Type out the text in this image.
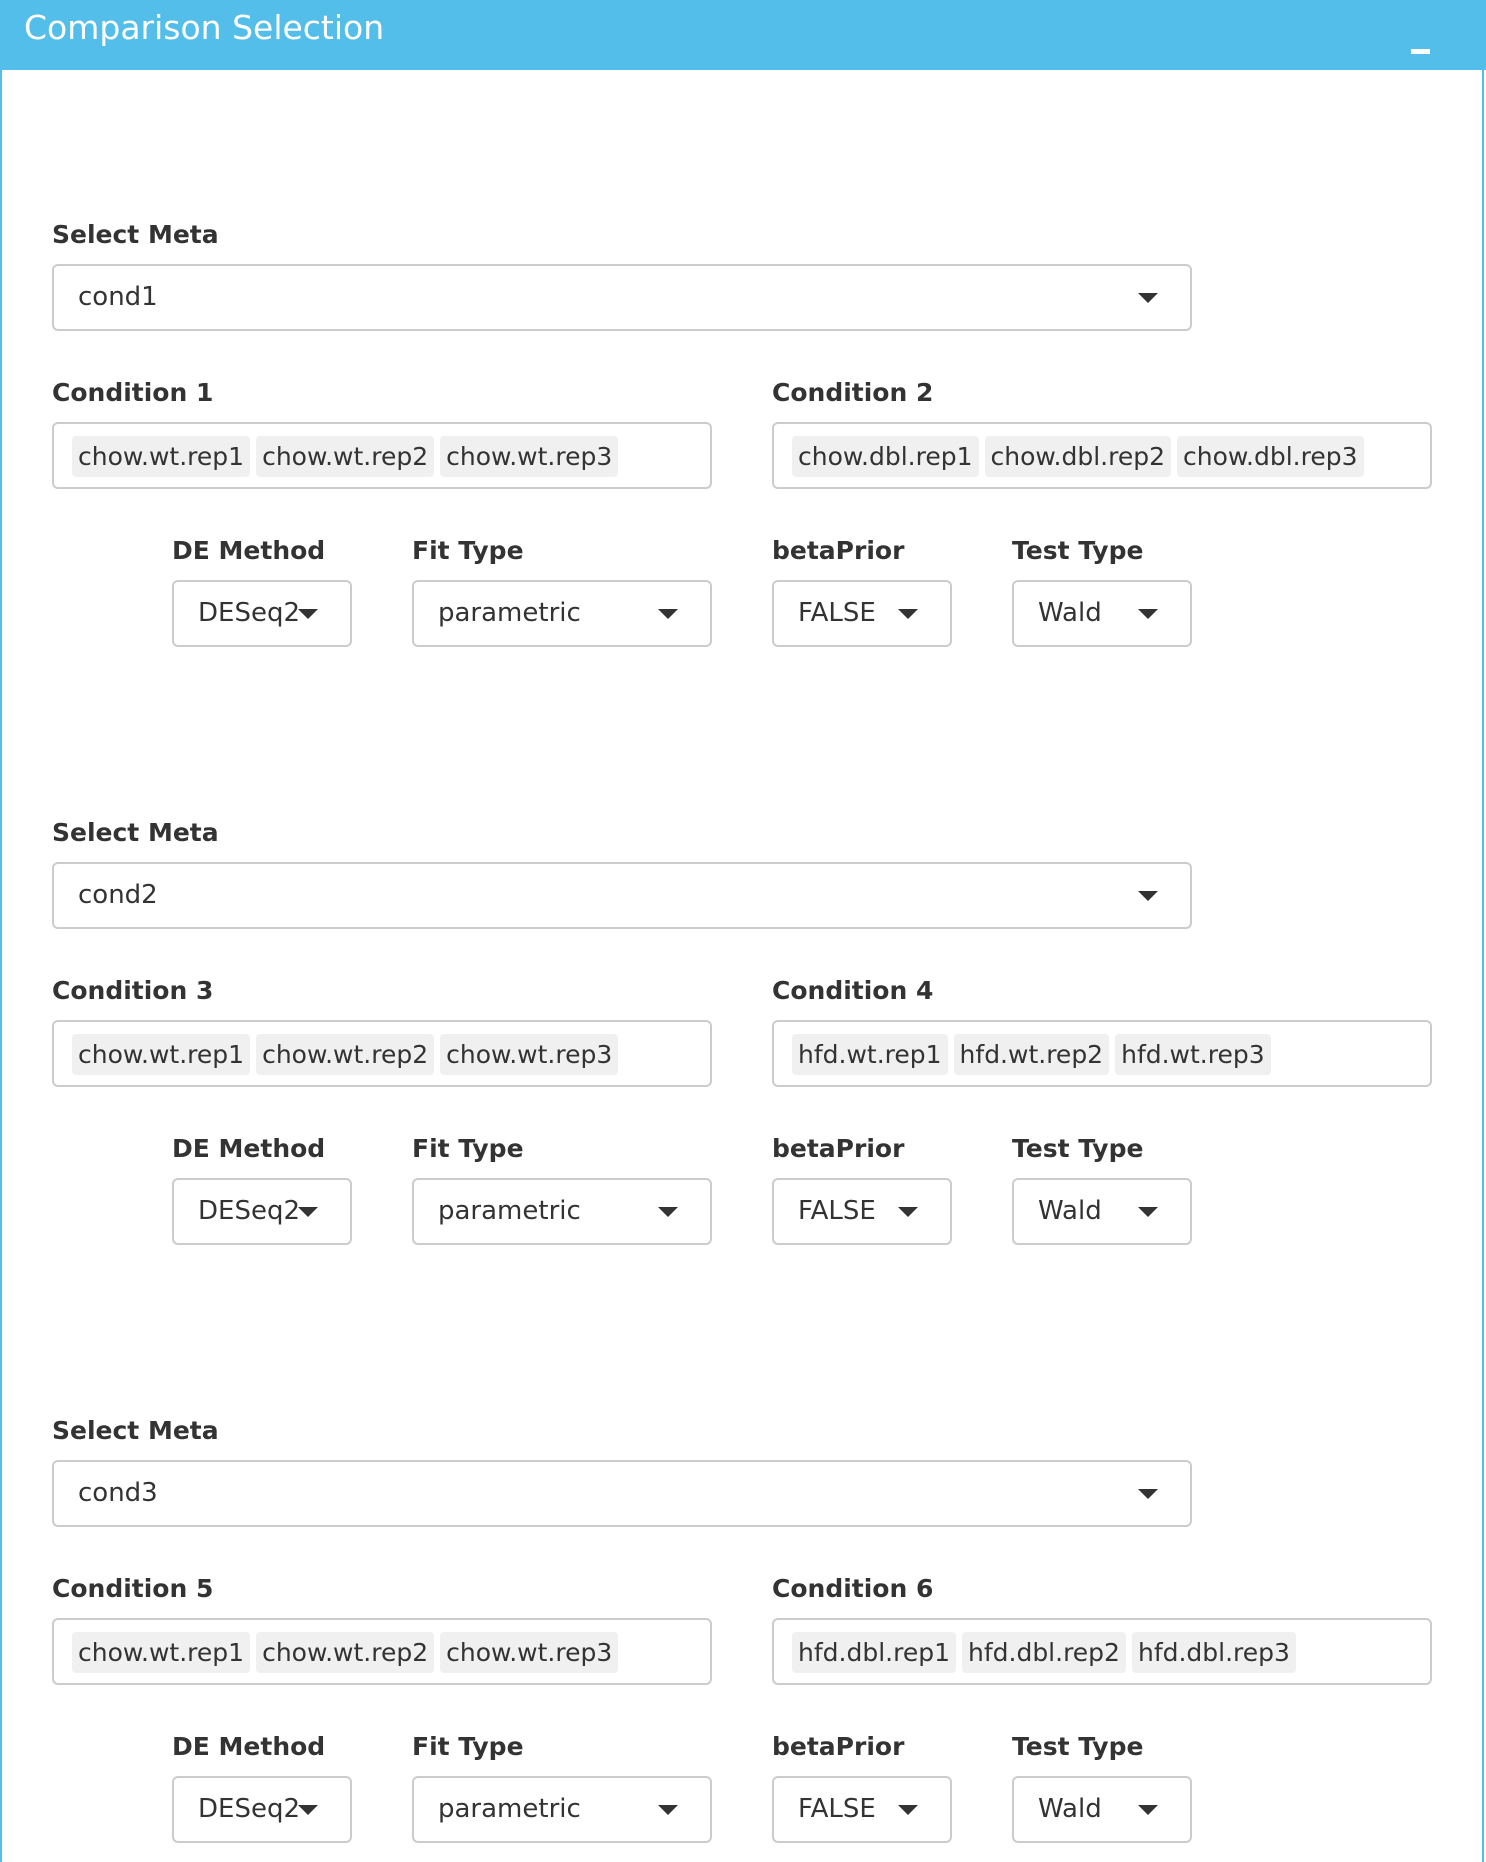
Comparison Selection
Select Meta
cond1
Condition 1
chow.wt.rep1 chow.wt.rep2 chow.wt.rep3
Condition 2
chow.dbl.rep1 chow.dbl.rep2 chow.dbl.rep3
DE Method
DESeq2
Fit Type
parametric
betaPrior
FALSE
Test Type
Wald
Select Meta
cond2
Condition 3
chow.wt.rep1 chow.wt.rep2 chow.wt.rep3
Condition 4
hfd.wt.rep1 hfd.wt.rep2 hfd.wt.rep3
DE Method
DESeq2
Fit Type
parametric
betaPrior
FALSE
Test Type
Wald
Select Meta
cond3
Condition 5
chow.wt.rep1 chow.wt.rep2 chow.wt.rep3
Condition 6
hfd.dbl.rep1 hfd.dbl.rep2 hfd.dbl.rep3
DE Method
DESeq2
Fit Type
parametric
betaPrior
FALSE
Test Type
Wald
